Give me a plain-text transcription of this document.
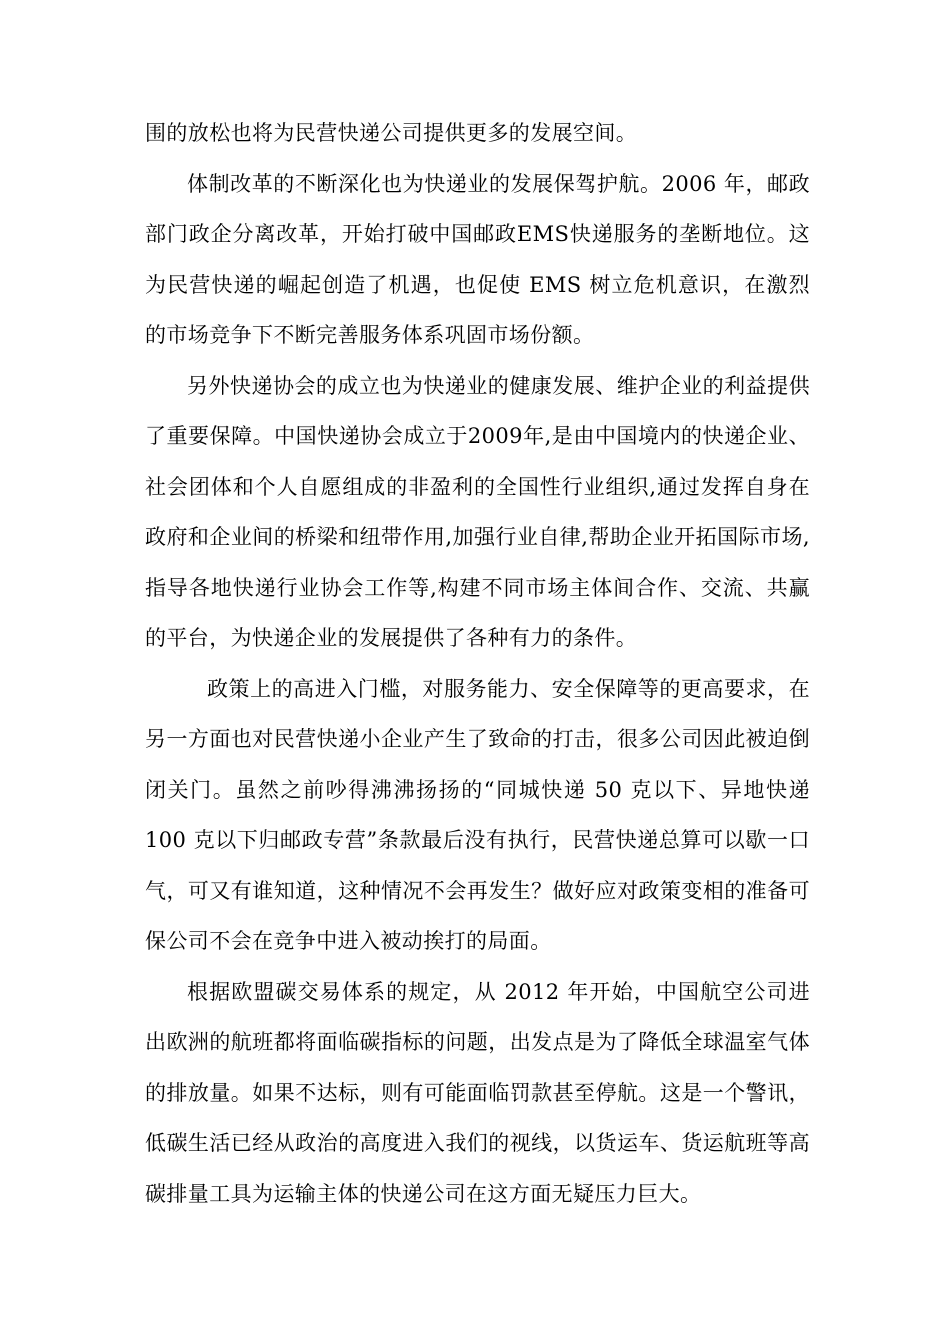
围的放松也将为民营快递公司提供更多的发展空间。

体制改革的不断深化也为快递业的发展保驾护航。2006 年，邮政部门政企分离改革，开始打破中国邮政EMS快递服务的垄断地位。这为民营快递的崛起创造了机遇，也促使 EMS 树立危机意识，在激烈的市场竞争下不断完善服务体系巩固市场份额。

另外快递协会的成立也为快递业的健康发展、维护企业的利益提供了重要保障。中国快递协会成立于2009年,是由中国境内的快递企业、社会团体和个人自愿组成的非盈利的全国性行业组织,通过发挥自身在政府和企业间的桥梁和纽带作用,加强行业自律,帮助企业开拓国际市场,指导各地快递行业协会工作等,构建不同市场主体间合作、交流、共赢的平台，为快递企业的发展提供了各种有力的条件。

政策上的高进入门槛，对服务能力、安全保障等的更高要求，在另一方面也对民营快递小企业产生了致命的打击，很多公司因此被迫倒闭关门。虽然之前吵得沸沸扬扬的“同城快递 50 克以下、异地快递 100 克以下归邮政专营”条款最后没有执行，民营快递总算可以歇一口气，可又有谁知道，这种情况不会再发生？做好应对政策变相的准备可保公司不会在竞争中进入被动挨打的局面。

根据欧盟碳交易体系的规定，从 2012 年开始，中国航空公司进出欧洲的航班都将面临碳指标的问题，出发点是为了降低全球温室气体的排放量。如果不达标，则有可能面临罚款甚至停航。这是一个警讯，低碳生活已经从政治的高度进入我们的视线，以货运车、货运航班等高碳排量工具为运输主体的快递公司在这方面无疑压力巨大。
